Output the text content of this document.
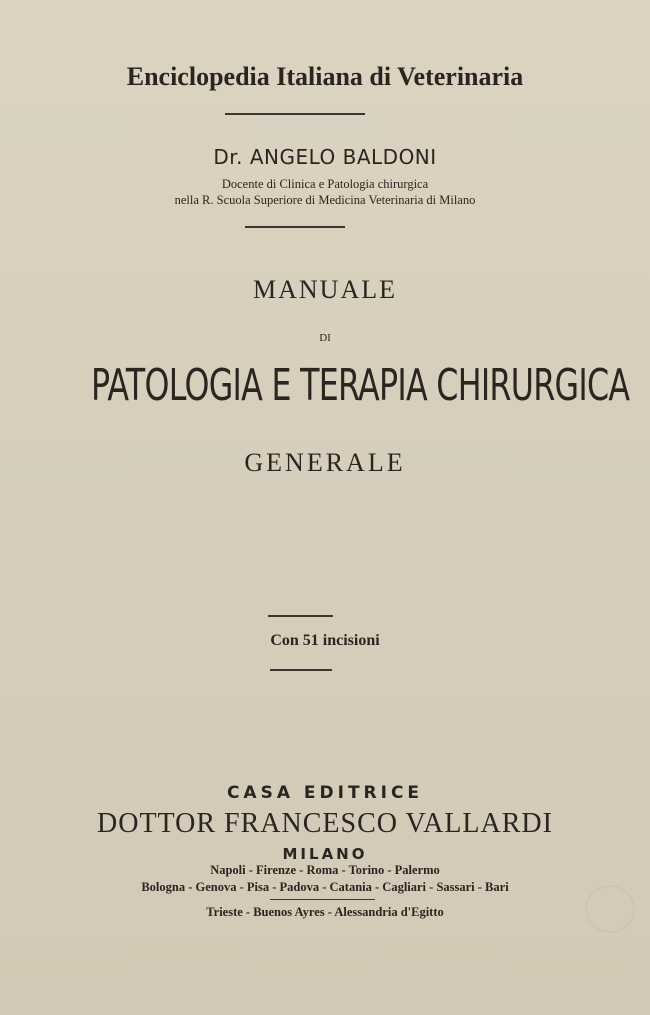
Enciclopedia Italiana di Veterinaria
Dr. ANGELO BALDONI
Docente di Clinica e Patologia chirurgica
nella R. Scuola Superiore di Medicina Veterinaria di Milano
MANUALE
DI
PATOLOGIA E TERAPIA CHIRURGICA
GENERALE
Con 51 incisioni
CASA EDITRICE
DOTTOR FRANCESCO VALLARDI
MILANO
Napoli - Firenze - Roma - Torino - Palermo
Bologna - Genova - Pisa - Padova - Catania - Cagliari - Sassari - Bari
Trieste - Buenos Ayres - Alessandria d'Egitto
